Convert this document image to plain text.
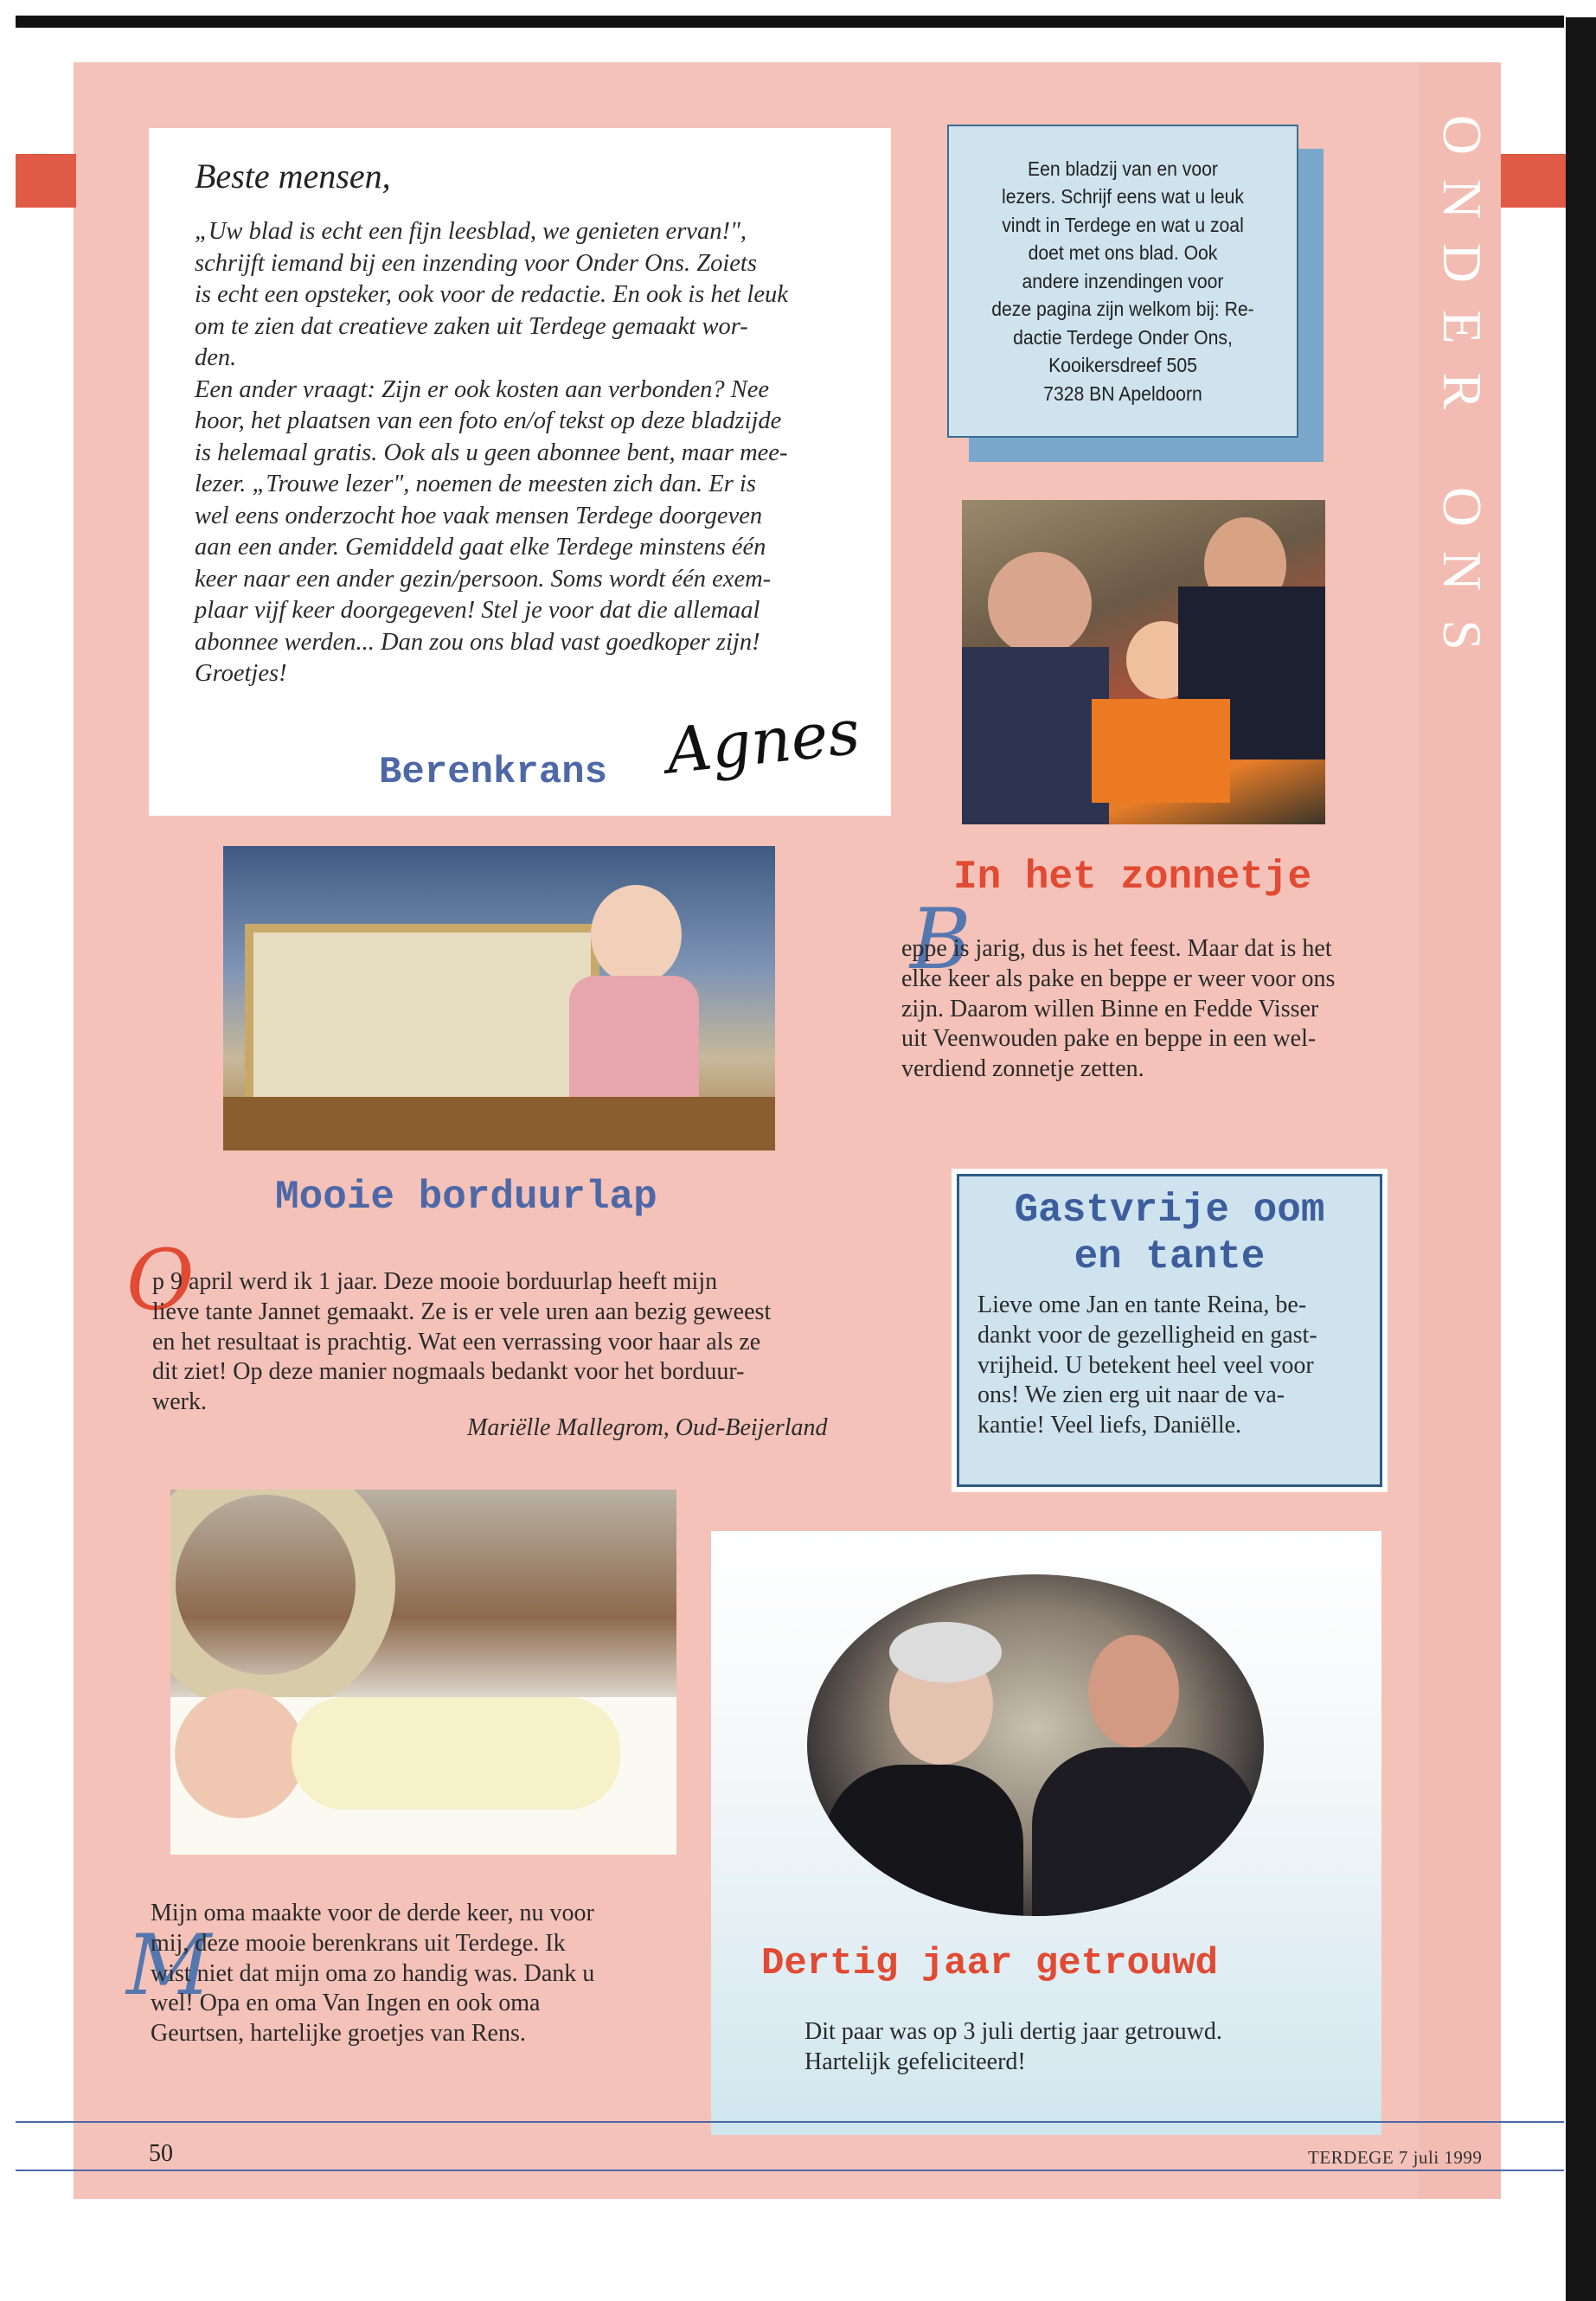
O
N
D
E
R
O
N
S
Beste mensen,
„Uw blad is echt een fijn leesblad, we genieten ervan!",
schrijft iemand bij een inzending voor Onder Ons. Zoiets
is echt een opsteker, ook voor de redactie. En ook is het leuk
om te zien dat creatieve zaken uit Terdege gemaakt wor-
den.
Een ander vraagt: Zijn er ook kosten aan verbonden? Nee
hoor, het plaatsen van een foto en/of tekst op deze bladzijde
is helemaal gratis. Ook als u geen abonnee bent, maar mee-
lezer. „Trouwe lezer", noemen de meesten zich dan. Er is
wel eens onderzocht hoe vaak mensen Terdege doorgeven
aan een ander. Gemiddeld gaat elke Terdege minstens één
keer naar een ander gezin/persoon. Soms wordt één exem-
plaar vijf keer doorgegeven! Stel je voor dat die allemaal
abonnee werden... Dan zou ons blad vast goedkoper zijn!
Groetjes!
Berenkrans Agnes
Een bladzij van en voor
lezers. Schrijf eens wat u leuk
vindt in Terdege en wat u zoal
doet met ons blad. Ook
andere inzendingen voor
deze pagina zijn welkom bij: Re-
dactie Terdege Onder Ons,
Kooikersdreef 505
7328 BN Apeldoorn
In het zonnetje
B
eppe is jarig, dus is het feest. Maar dat is het
elke keer als pake en beppe er weer voor ons
zijn. Daarom willen Binne en Fedde Visser
uit Veenwouden pake en beppe in een wel-
verdiend zonnetje zetten.
Mooie borduurlap
O
p 9 april werd ik 1 jaar. Deze mooie borduurlap heeft mijn
lieve tante Jannet gemaakt. Ze is er vele uren aan bezig geweest
en het resultaat is prachtig. Wat een verrassing voor haar als ze
dit ziet! Op deze manier nogmaals bedankt voor het borduur-
werk.
Mariëlle Mallegrom, Oud-Beijerland
Gastvrije oom
en tante
Lieve ome Jan en tante Reina, be-
dankt voor de gezelligheid en gast-
vrijheid. U betekent heel veel voor
ons! We zien erg uit naar de va-
kantie! Veel liefs, Daniëlle.
M
Mijn oma maakte voor de derde keer, nu voor
mij, deze mooie berenkrans uit Terdege. Ik
wist niet dat mijn oma zo handig was. Dank u
wel! Opa en oma Van Ingen en ook oma
Geurtsen, hartelijke groetjes van Rens.
Dertig jaar getrouwd
Dit paar was op 3 juli dertig jaar getrouwd.
Hartelijk gefeliciteerd!
50	TERDEGE 7 juli 1999
